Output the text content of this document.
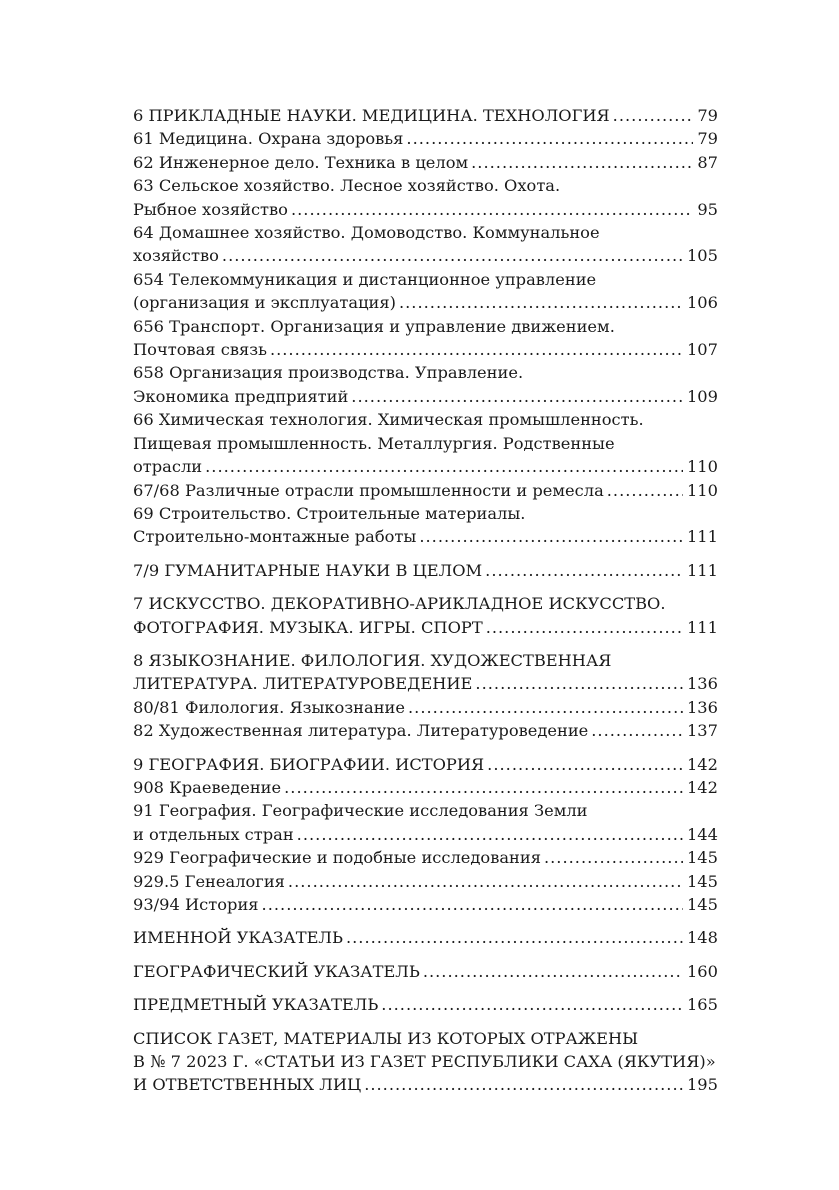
6 ПРИКЛАДНЫЕ НАУКИ. МЕДИЦИНА. ТЕХНОЛОГИЯ .....	79
61 Медицина. Охрана здоровья .....	79
62 Инженерное дело. Техника в целом .....	87
63 Сельское хозяйство. Лесное хозяйство. Охота.
Рыбное хозяйство .....	95
64 Домашнее хозяйство. Домоводство. Коммунальное
хозяйство .....	105
654 Телекоммуникация и дистанционное управление
(организация и эксплуатация) .....	106
656 Транспорт. Организация и управление движением.
Почтовая связь .....	107
658 Организация производства. Управление.
Экономика предприятий .....	109
66 Химическая технология. Химическая промышленность.
Пищевая промышленность. Металлургия. Родственные
отрасли .....	110
67/68 Различные отрасли промышленности и ремесла .....	110
69 Строительство. Строительные материалы.
Строительно-монтажные работы .....	111
7/9 ГУМАНИТАРНЫЕ НАУКИ В ЦЕЛОМ .....	111
7 ИСКУССТВО. ДЕКОРАТИВНО-АРИКЛАДНОЕ ИСКУССТВО.
ФОТОГРАФИЯ. МУЗЫКА. ИГРЫ. СПОРТ .....	111
8 ЯЗЫКОЗНАНИЕ. ФИЛОЛОГИЯ. ХУДОЖЕСТВЕННАЯ
ЛИТЕРАТУРА. ЛИТЕРАТУРОВЕДЕНИЕ .....	136
80/81 Филология. Языкознание .....	136
82 Художественная литература. Литературоведение .....	137
9 ГЕОГРАФИЯ. БИОГРАФИИ. ИСТОРИЯ .....	142
908 Краеведение .....	142
91 География. Географические исследования Земли
и отдельных стран .....	144
929 Географические и подобные исследования .....	145
929.5 Генеалогия .....	145
93/94 История .....	145
ИМЕННОЙ УКАЗАТЕЛЬ .....	148
ГЕОГРАФИЧЕСКИЙ УКАЗАТЕЛЬ .....	160
ПРЕДМЕТНЫЙ УКАЗАТЕЛЬ .....	165
СПИСОК ГАЗЕТ, МАТЕРИАЛЫ ИЗ КОТОРЫХ ОТРАЖЕНЫ
В № 7 2023 Г. «СТАТЬИ ИЗ ГАЗЕТ РЕСПУБЛИКИ САХА (ЯКУТИЯ)»
И ОТВЕТСТВЕННЫХ ЛИЦ .....	195
